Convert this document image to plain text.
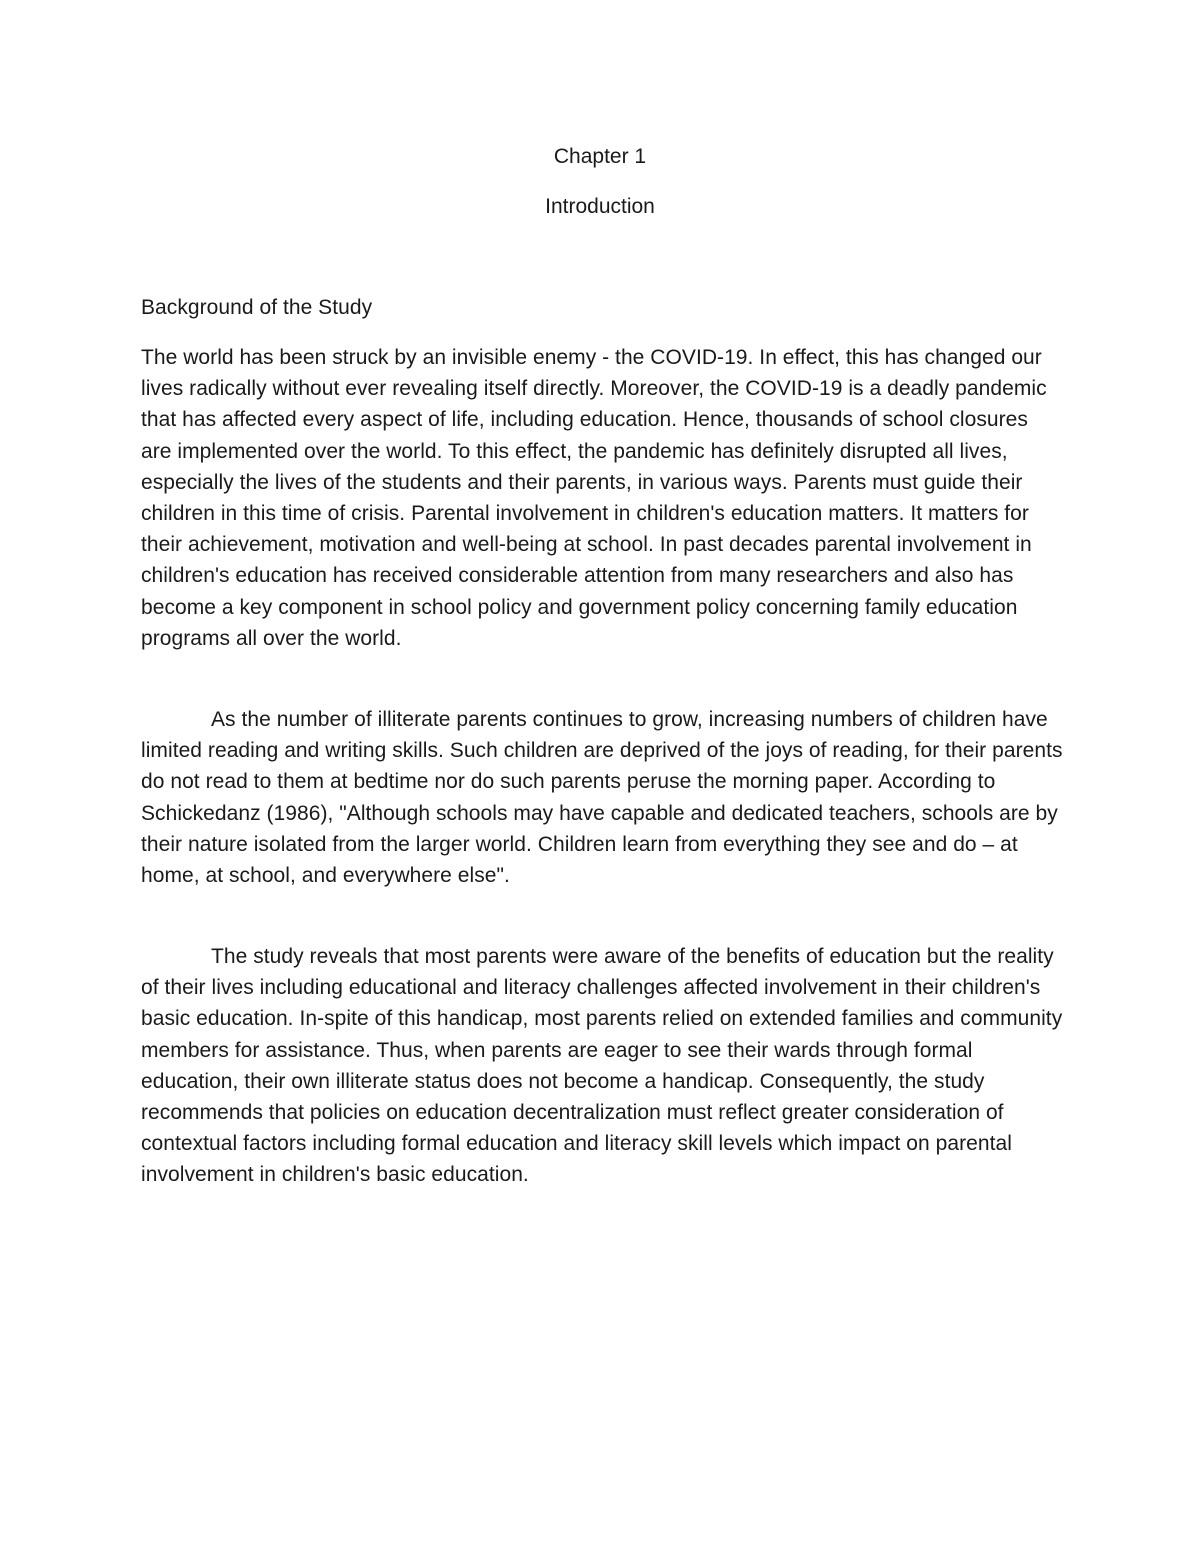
Chapter 1
Introduction
Background of the Study

The world has been struck by an invisible enemy - the COVID-19. In effect, this has changed our lives radically without ever revealing itself directly. Moreover, the COVID-19 is a deadly pandemic that has affected every aspect of life, including education. Hence, thousands of school closures are implemented over the world. To this effect, the pandemic has definitely disrupted all lives, especially the lives of the students and their parents, in various ways. Parents must guide their children in this time of crisis. Parental involvement in children's education matters. It matters for their achievement, motivation and well-being at school. In past decades parental involvement in children's education has received considerable attention from many researchers and also has become a key component in school policy and government policy concerning family education programs all over the world.

As the number of illiterate parents continues to grow, increasing numbers of children have limited reading and writing skills. Such children are deprived of the joys of reading, for their parents do not read to them at bedtime nor do such parents peruse the morning paper. According to Schickedanz (1986), "Although schools may have capable and dedicated teachers, schools are by their nature isolated from the larger world. Children learn from everything they see and do – at home, at school, and everywhere else".

The study reveals that most parents were aware of the benefits of education but the reality of their lives including educational and literacy challenges affected involvement in their children's basic education. In-spite of this handicap, most parents relied on extended families and community members for assistance. Thus, when parents are eager to see their wards through formal education, their own illiterate status does not become a handicap. Consequently, the study recommends that policies on education decentralization must reflect greater consideration of contextual factors including formal education and literacy skill levels which impact on parental involvement in children's basic education.
